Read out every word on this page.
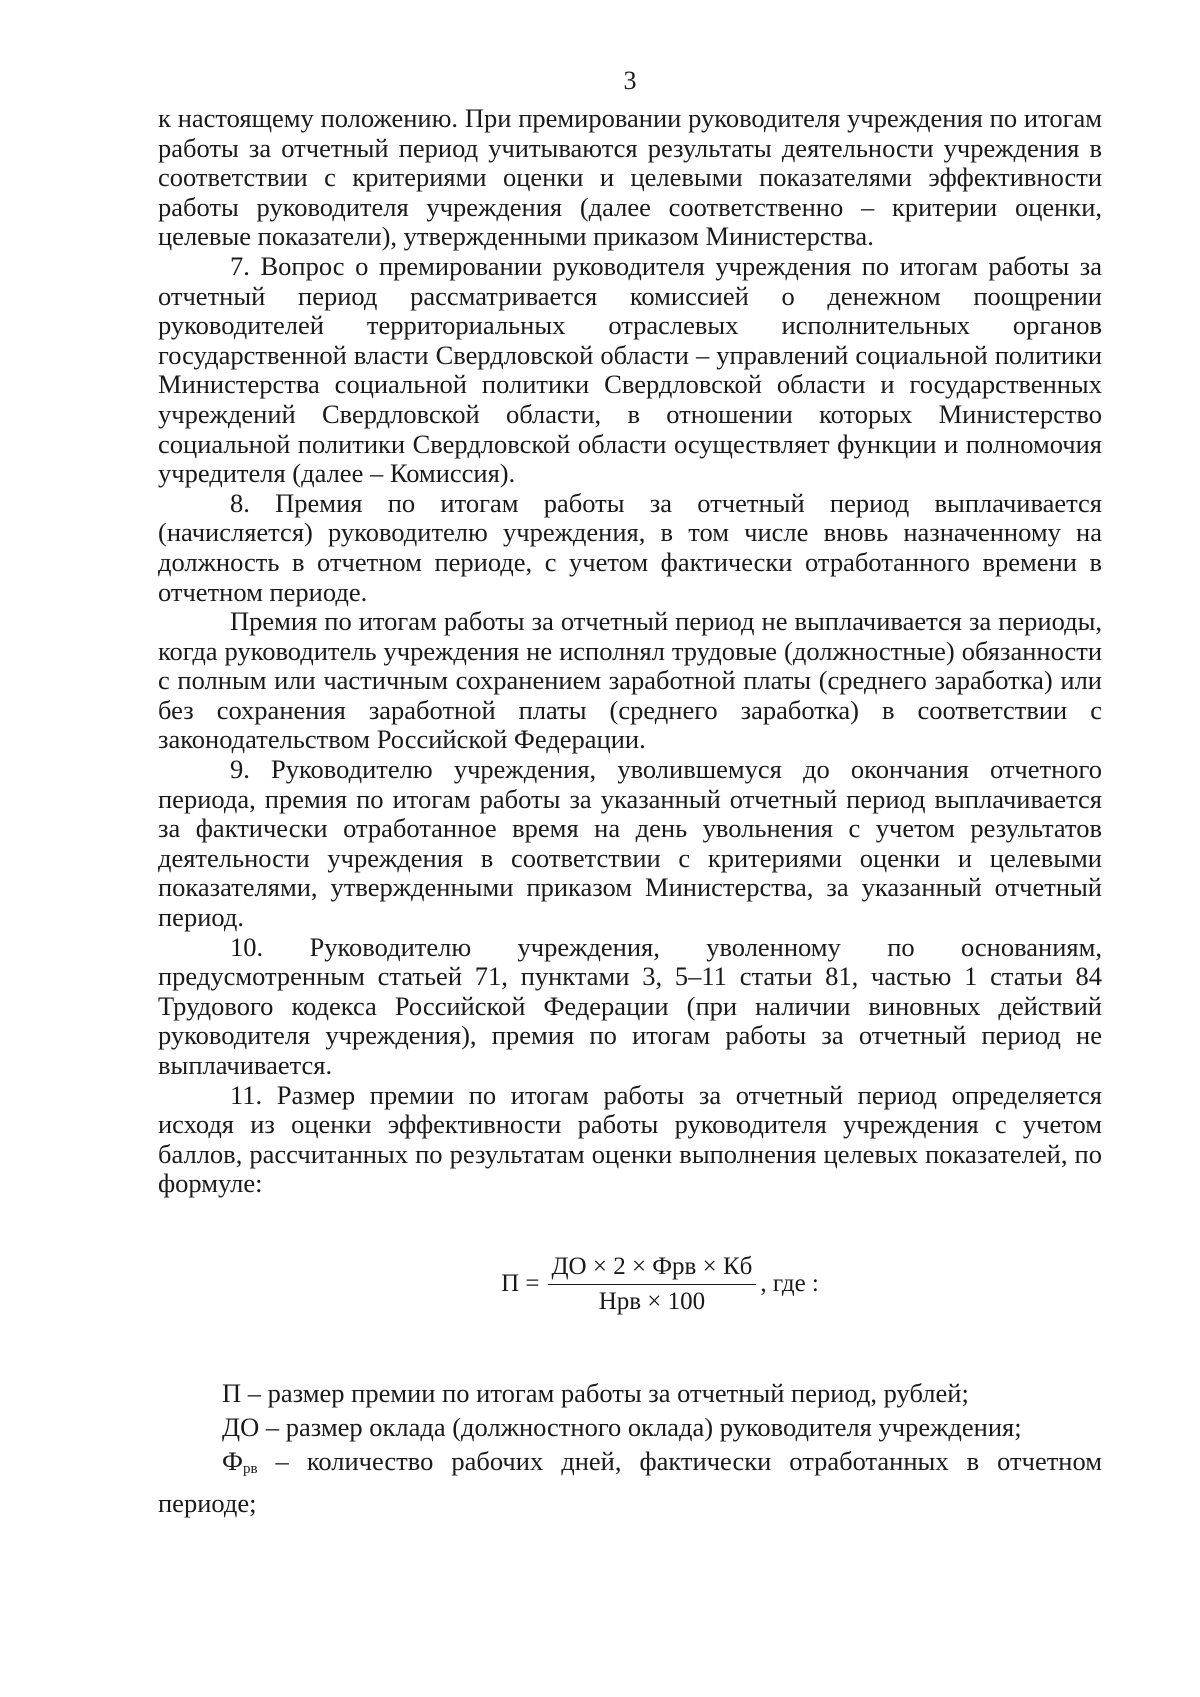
3

к настоящему положению. При премировании руководителя учреждения по итогам работы за отчетный период учитываются результаты деятельности учреждения в соответствии с критериями оценки и целевыми показателями эффективности работы руководителя учреждения (далее соответственно – критерии оценки, целевые показатели), утвержденными приказом Министерства.

7. Вопрос о премировании руководителя учреждения по итогам работы за отчетный период рассматривается комиссией о денежном поощрении руководителей территориальных отраслевых исполнительных органов государственной власти Свердловской области – управлений социальной политики Министерства социальной политики Свердловской области и государственных учреждений Свердловской области, в отношении которых Министерство социальной политики Свердловской области осуществляет функции и полномочия учредителя (далее – Комиссия).

8. Премия по итогам работы за отчетный период выплачивается (начисляется) руководителю учреждения, в том числе вновь назначенному на должность в отчетном периоде, с учетом фактически отработанного времени в отчетном периоде.

Премия по итогам работы за отчетный период не выплачивается за периоды, когда руководитель учреждения не исполнял трудовые (должностные) обязанности с полным или частичным сохранением заработной платы (среднего заработка) или без сохранения заработной платы (среднего заработка) в соответствии с законодательством Российской Федерации.

9. Руководителю учреждения, уволившемуся до окончания отчетного периода, премия по итогам работы за указанный отчетный период выплачивается за фактически отработанное время на день увольнения с учетом результатов деятельности учреждения в соответствии с критериями оценки и целевыми показателями, утвержденными приказом Министерства, за указанный отчетный период.

10. Руководителю учреждения, уволенному по основаниям, предусмотренным статьей 71, пунктами 3, 5–11 статьи 81, частью 1 статьи 84 Трудового кодекса Российской Федерации (при наличии виновных действий руководителя учреждения), премия по итогам работы за отчетный период не выплачивается.

11. Размер премии по итогам работы за отчетный период определяется исходя из оценки эффективности работы руководителя учреждения с учетом баллов, рассчитанных по результатам оценки выполнения целевых показателей, по формуле:

$П = \frac{\text{ДО × 2 × Фрв × Кб}}{\text{Нрв × 100}}$ , где :

П – размер премии по итогам работы за отчетный период, рублей;

ДО – размер оклада (должностного оклада) руководителя учреждения;

$Ф_{рв}$ – количество рабочих дней, фактически отработанных в отчетном периоде;
